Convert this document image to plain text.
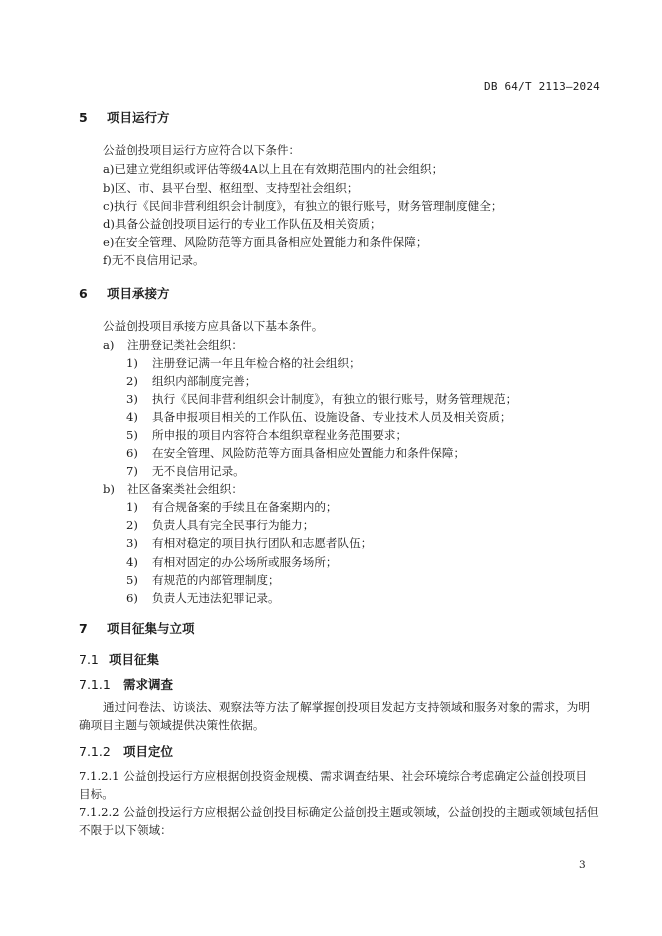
DB 64/T 2113—2024
5 项目运行方
公益创投项目运行方应符合以下条件：
a)已建立党组织或评估等级4A以上且在有效期范围内的社会组织；
b)区、市、县平台型、枢纽型、支持型社会组织；
c)执行《民间非营利组织会计制度》，有独立的银行账号，财务管理制度健全；
d)具备公益创投项目运行的专业工作队伍及相关资质；
e)在安全管理、风险防范等方面具备相应处置能力和条件保障；
f)无不良信用记录。
6 项目承接方
公益创投项目承接方应具备以下基本条件。
a) 注册登记类社会组织：
1) 注册登记满一年且年检合格的社会组织；
2) 组织内部制度完善；
3) 执行《民间非营利组织会计制度》，有独立的银行账号，财务管理规范；
4) 具备申报项目相关的工作队伍、设施设备、专业技术人员及相关资质；
5) 所申报的项目内容符合本组织章程业务范围要求；
6) 在安全管理、风险防范等方面具备相应处置能力和条件保障；
7) 无不良信用记录。
b) 社区备案类社会组织：
1) 有合规备案的手续且在备案期内的；
2) 负责人具有完全民事行为能力；
3) 有相对稳定的项目执行团队和志愿者队伍；
4) 有相对固定的办公场所或服务场所；
5) 有规范的内部管理制度；
6) 负责人无违法犯罪记录。
7 项目征集与立项
7.1 项目征集
7.1.1 需求调查
通过问卷法、访谈法、观察法等方法了解掌握创投项目发起方支持领域和服务对象的需求，为明
确项目主题与领域提供决策性依据。
7.1.2 项目定位
7.1.2.1 公益创投运行方应根据创投资金规模、需求调查结果、社会环境综合考虑确定公益创投项目
目标。
7.1.2.2 公益创投运行方应根据公益创投目标确定公益创投主题或领域，公益创投的主题或领域包括但
不限于以下领域：
3
